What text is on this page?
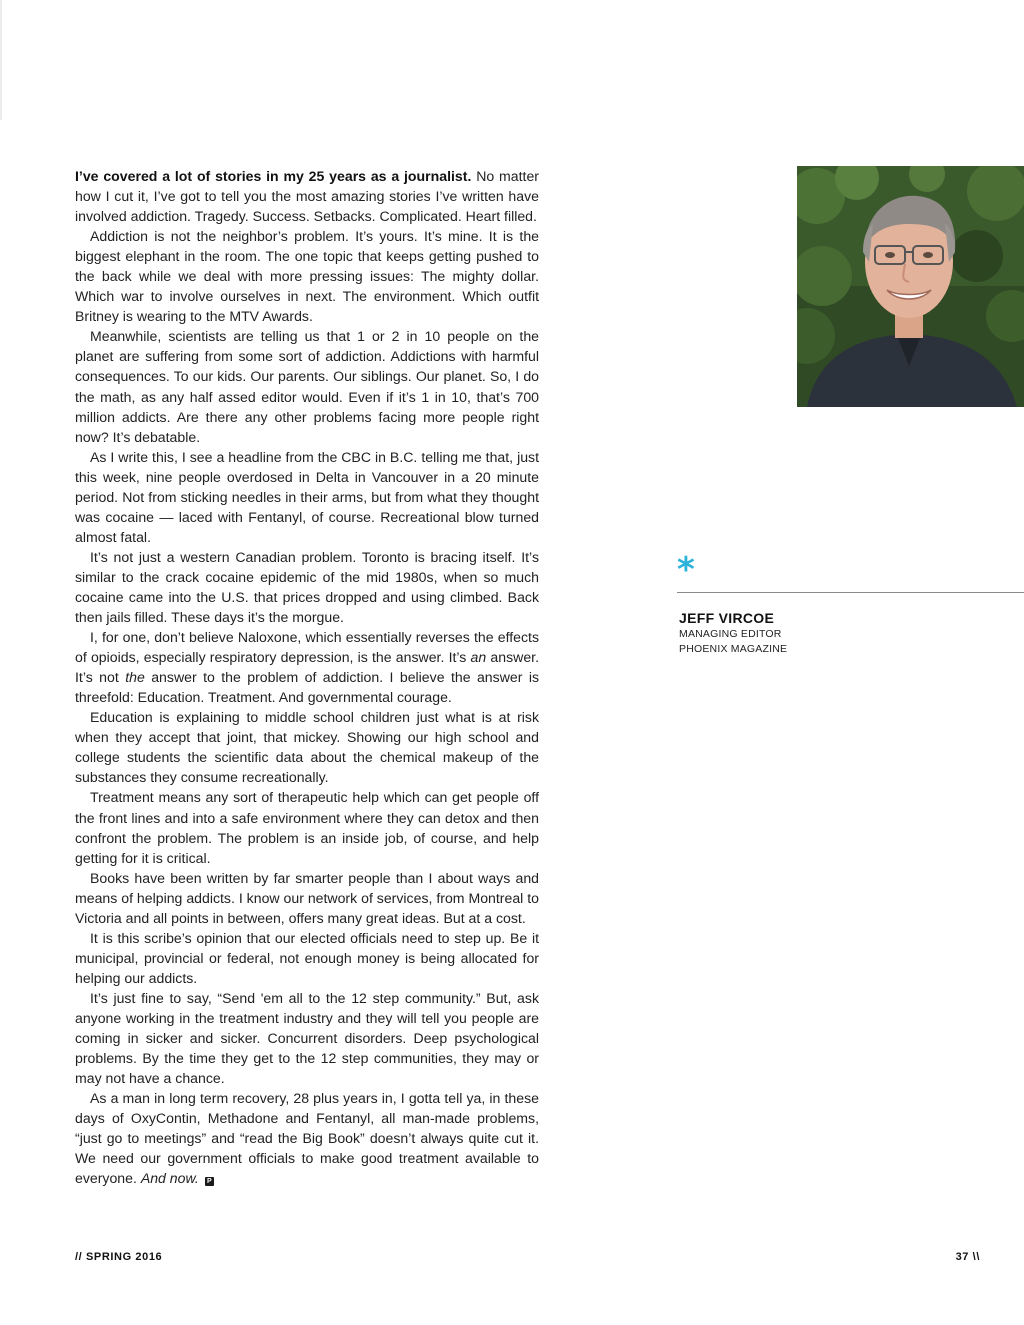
I’ve covered a lot of stories in my 25 years as a journalist. No matter how I cut it, I’ve got to tell you the most amazing stories I’ve written have involved addiction. Tragedy. Success. Setbacks. Complicated. Heart filled.

Addiction is not the neighbor’s problem. It’s yours. It’s mine. It is the biggest elephant in the room. The one topic that keeps getting pushed to the back while we deal with more pressing issues: The mighty dollar. Which war to involve ourselves in next. The environment. Which outfit Britney is wearing to the MTV Awards.

Meanwhile, scientists are telling us that 1 or 2 in 10 people on the planet are suffering from some sort of addiction. Addictions with harmful consequences. To our kids. Our parents. Our siblings. Our planet. So, I do the math, as any half assed editor would. Even if it’s 1 in 10, that’s 700 million addicts. Are there any other problems facing more people right now? It’s debatable.

As I write this, I see a headline from the CBC in B.C. telling me that, just this week, nine people overdosed in Delta in Vancouver in a 20 minute period. Not from sticking needles in their arms, but from what they thought was cocaine — laced with Fentanyl, of course. Recreational blow turned almost fatal.

It’s not just a western Canadian problem. Toronto is bracing itself. It’s similar to the crack cocaine epidemic of the mid 1980s, when so much cocaine came into the U.S. that prices dropped and using climbed. Back then jails filled. These days it’s the morgue.

I, for one, don’t believe Naloxone, which essentially reverses the effects of opioids, especially respiratory depression, is the answer. It’s an answer. It’s not the answer to the problem of addiction. I believe the answer is threefold: Education. Treatment. And governmental courage.

Education is explaining to middle school children just what is at risk when they accept that joint, that mickey. Showing our high school and college students the scientific data about the chemical makeup of the substances they consume recreationally.

Treatment means any sort of therapeutic help which can get people off the front lines and into a safe environment where they can detox and then confront the problem. The problem is an inside job, of course, and help getting for it is critical.

Books have been written by far smarter people than I about ways and means of helping addicts. I know our network of services, from Montreal to Victoria and all points in between, offers many great ideas. But at a cost.

It is this scribe’s opinion that our elected officials need to step up. Be it municipal, provincial or federal, not enough money is being allocated for helping our addicts.

It’s just fine to say, “Send 'em all to the 12 step community.” But, ask anyone working in the treatment industry and they will tell you people are coming in sicker and sicker. Concurrent disorders. Deep psychological problems. By the time they get to the 12 step communities, they may or may not have a chance.

As a man in long term recovery, 28 plus years in, I gotta tell ya, in these days of OxyContin, Methadone and Fentanyl, all man-made problems, “just go to meetings” and “read the Big Book” doesn’t always quite cut it. We need our government officials to make good treatment available to everyone. And now. P

*
JEFF VIRCOE
MANAGING EDITOR
PHOENIX MAGAZINE
// SPRING 2016	37 \\
